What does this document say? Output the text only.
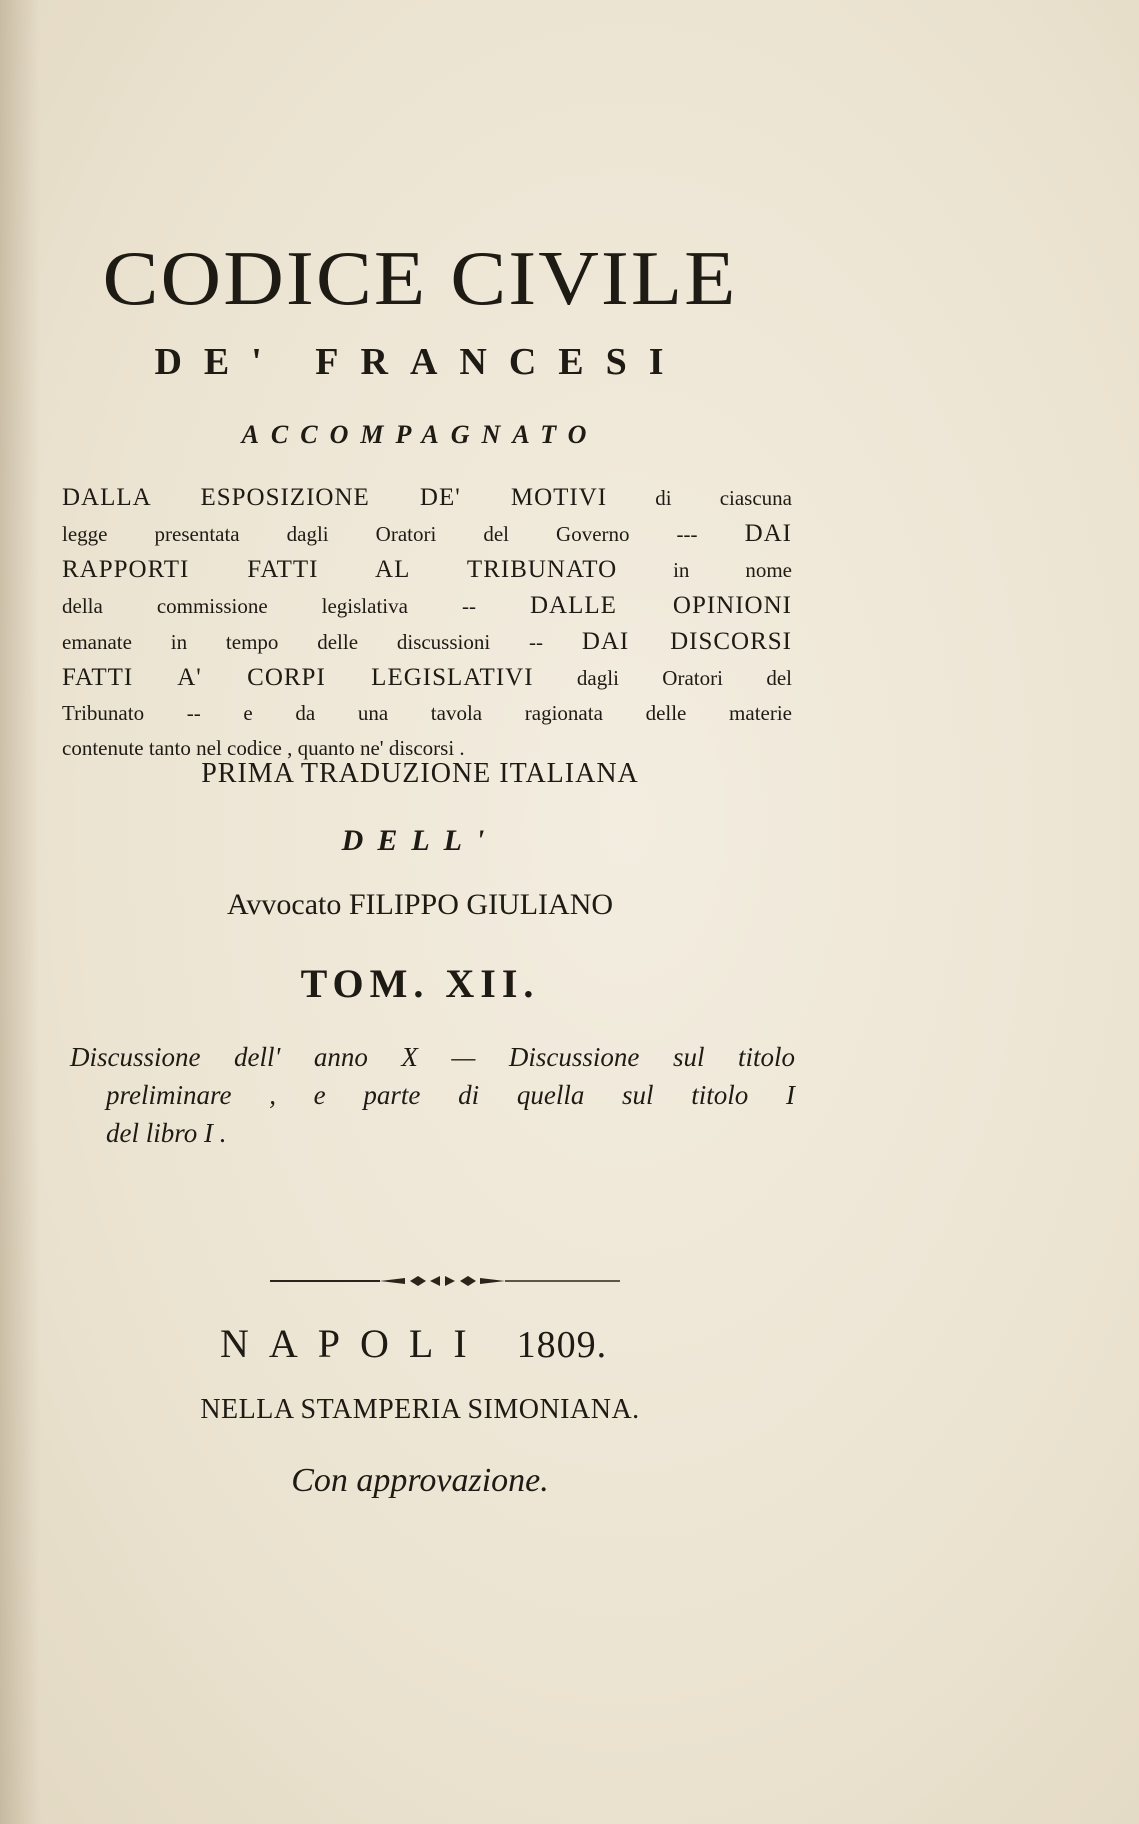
CODICE CIVILE
DE' FRANCESI
ACCOMPAGNATO
DALLA ESPOSIZIONE DE' MOTIVI di ciascuna
legge presentata dagli Oratori del Governo --- DAI
RAPPORTI FATTI AL TRIBUNATO in nome
della commissione legislativa -- DALLE OPINIONI
emanate in tempo delle discussioni -- DAI DISCORSI
FATTI A' CORPI LEGISLATIVI dagli Oratori del
Tribunato -- e da una tavola ragionata delle materie
contenute tanto nel codice , quanto ne' discorsi .
PRIMA TRADUZIONE ITALIANA
DELL'
Avvocato FILIPPO GIULIANO
TOM. XII.
Discussione dell' anno X — Discussione sul titolo
preliminare , e parte di quella sul titolo I
del libro I .
NAPOLI 1809.
NELLA STAMPERIA SIMONIANA.
Con approvazione.
